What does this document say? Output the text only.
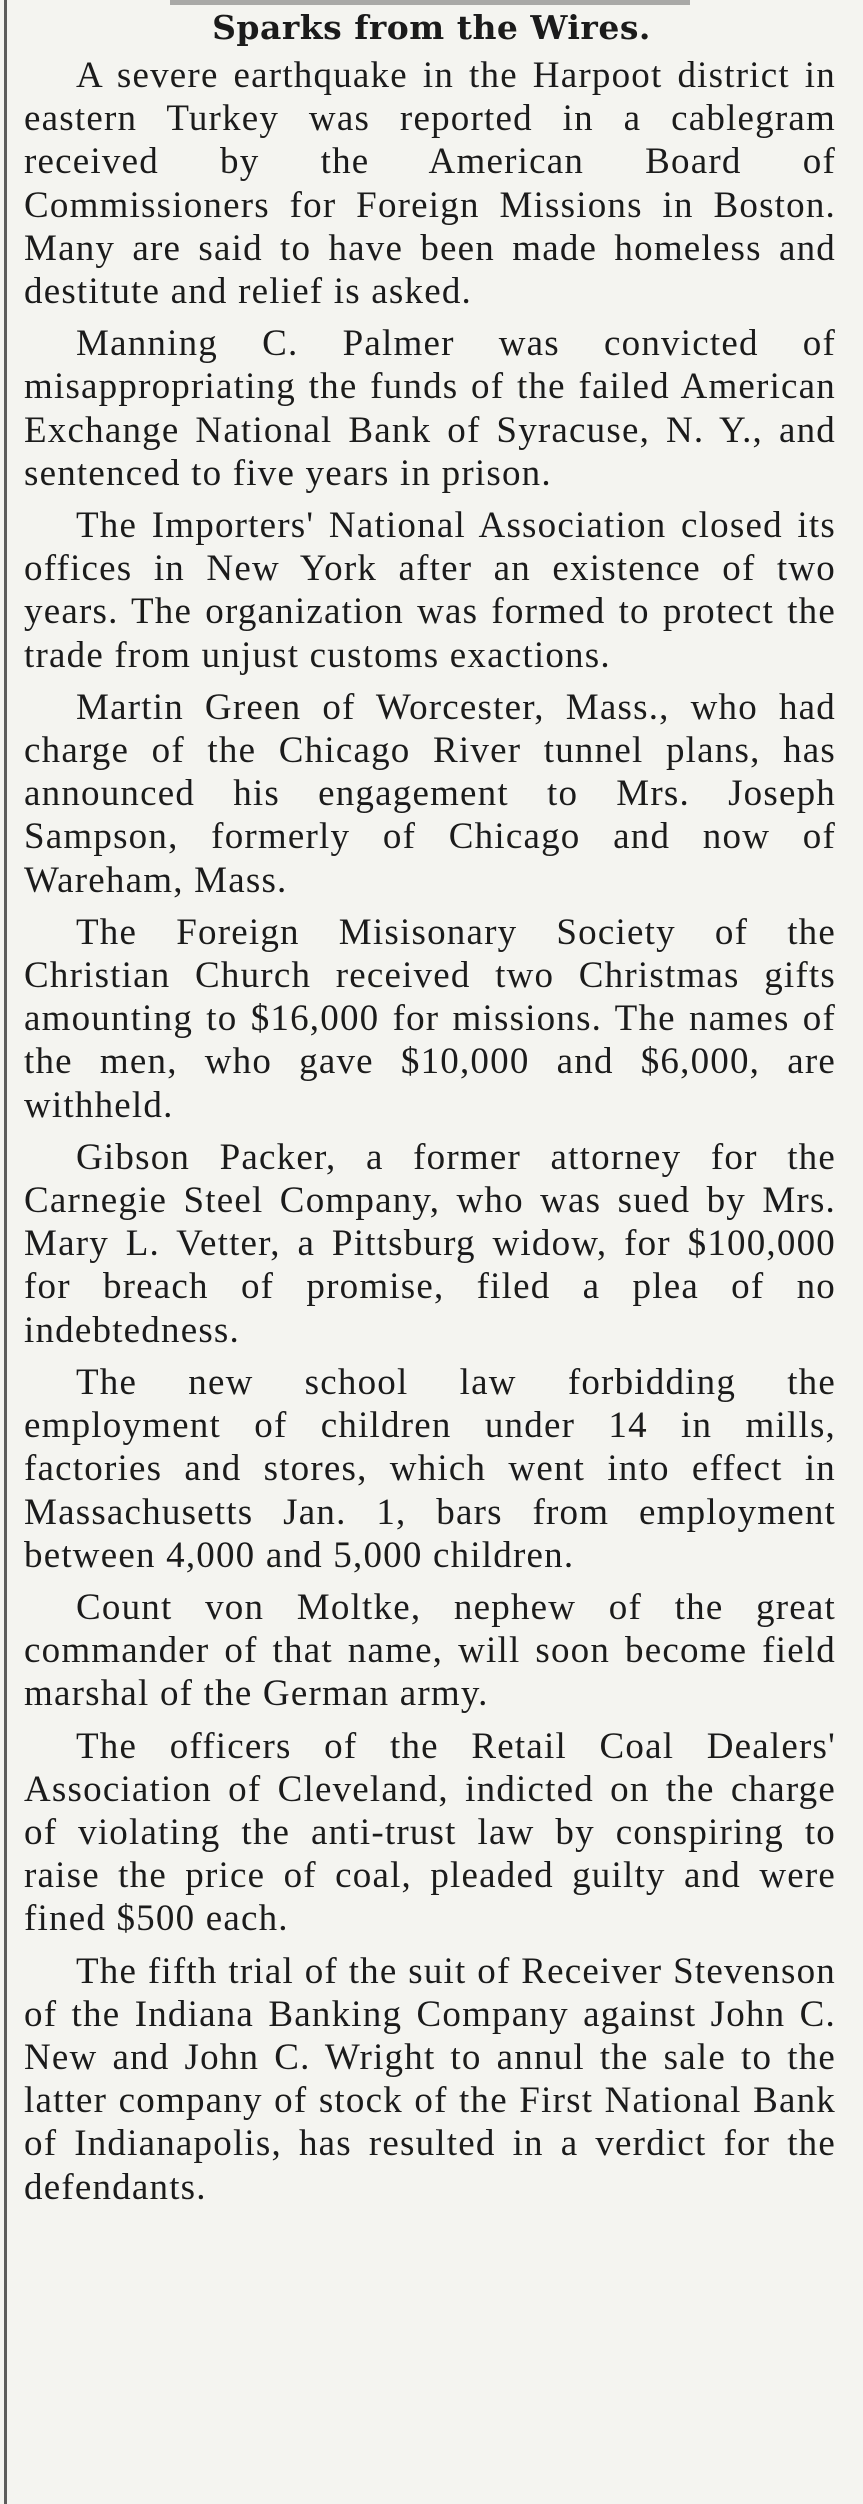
Sparks from the Wires.

A severe earthquake in the Harpoot district in eastern Turkey was reported in a cablegram received by the American Board of Commissioners for Foreign Missions in Boston. Many are said to have been made homeless and destitute and relief is asked.

Manning C. Palmer was convicted of misappropriating the funds of the failed American Exchange National Bank of Syracuse, N. Y., and sentenced to five years in prison.

The Importers' National Association closed its offices in New York after an existence of two years. The organization was formed to protect the trade from unjust customs exactions.

Martin Green of Worcester, Mass., who had charge of the Chicago River tunnel plans, has announced his engagement to Mrs. Joseph Sampson, formerly of Chicago and now of Wareham, Mass.

The Foreign Misisonary Society of the Christian Church received two Christmas gifts amounting to $16,000 for missions. The names of the men, who gave $10,000 and $6,000, are withheld.

Gibson Packer, a former attorney for the Carnegie Steel Company, who was sued by Mrs. Mary L. Vetter, a Pittsburg widow, for $100,000 for breach of promise, filed a plea of no indebtedness.

The new school law forbidding the employment of children under 14 in mills, factories and stores, which went into effect in Massachusetts Jan. 1, bars from employment between 4,000 and 5,000 children.

Count von Moltke, nephew of the great commander of that name, will soon become field marshal of the German army.

The officers of the Retail Coal Dealers' Association of Cleveland, indicted on the charge of violating the anti-trust law by conspiring to raise the price of coal, pleaded guilty and were fined $500 each.

The fifth trial of the suit of Receiver Stevenson of the Indiana Banking Company against John C. New and John C. Wright to annul the sale to the latter company of stock of the First National Bank of Indianapolis, has resulted in a verdict for the defendants.
